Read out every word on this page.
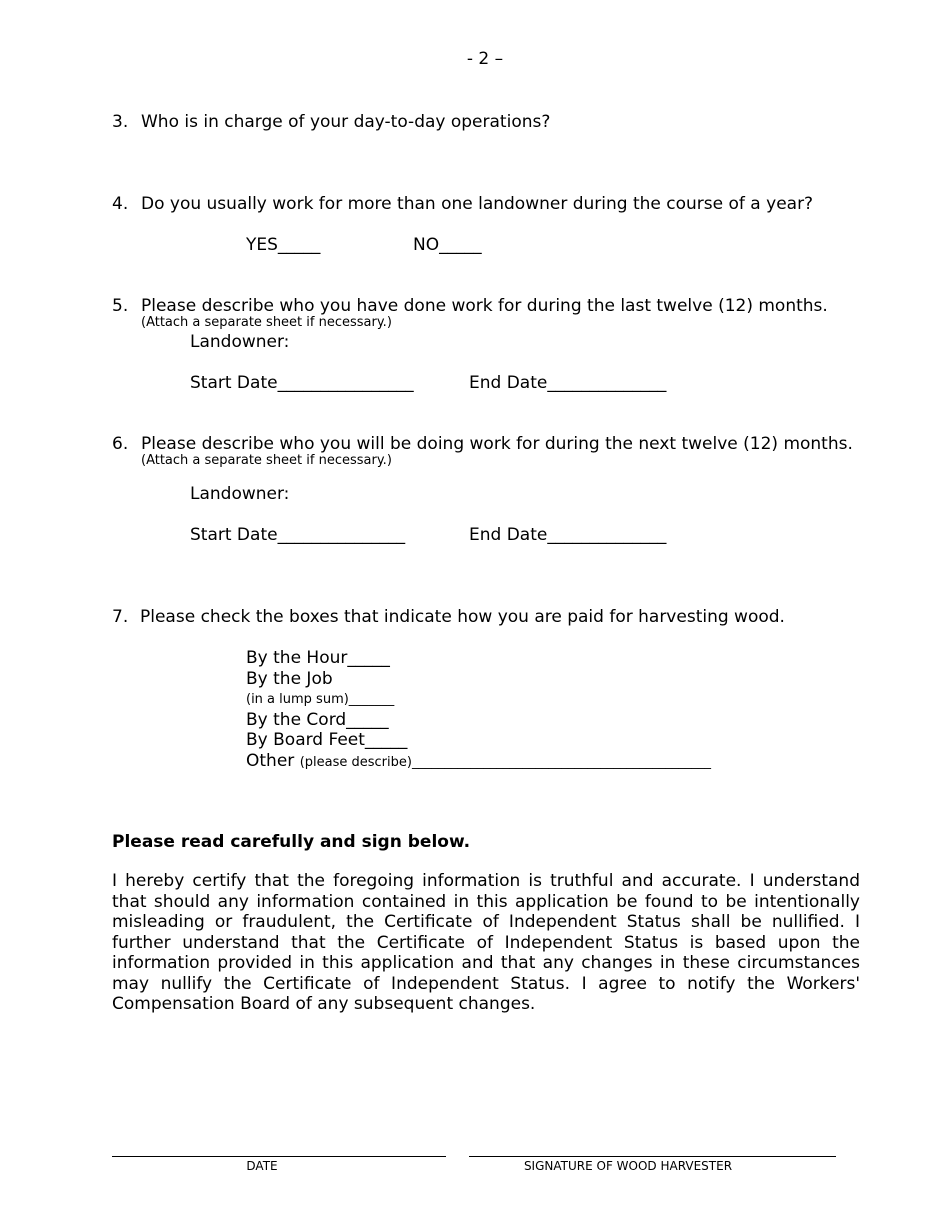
- 2 –
3. Who is in charge of your day-to-day operations?
4. Do you usually work for more than one landowner during the course of a year?
YES_____	NO_____
5. Please describe who you have done work for during the last twelve (12) months.
(Attach a separate sheet if necessary.)
Landowner:
Start Date________________	End Date______________
6. Please describe who you will be doing work for during the next twelve (12) months.
(Attach a separate sheet if necessary.)
Landowner:
Start Date_______________	End Date______________
7. Please check the boxes that indicate how you are paid for harvesting wood.
By the Hour_____
By the Job
(in a lump sum)_______
By the Cord_____
By Board Feet_____
Other (please describe)______________________________________________
Please read carefully and sign below.
I hereby certify that the foregoing information is truthful and accurate. I understand that should any information contained in this application be found to be intentionally misleading or fraudulent, the Certificate of Independent Status shall be nullified. I further understand that the Certificate of Independent Status is based upon the information provided in this application and that any changes in these circumstances may nullify the Certificate of Independent Status. I agree to notify the Workers' Compensation Board of any subsequent changes.
DATE	SIGNATURE OF WOOD HARVESTER
